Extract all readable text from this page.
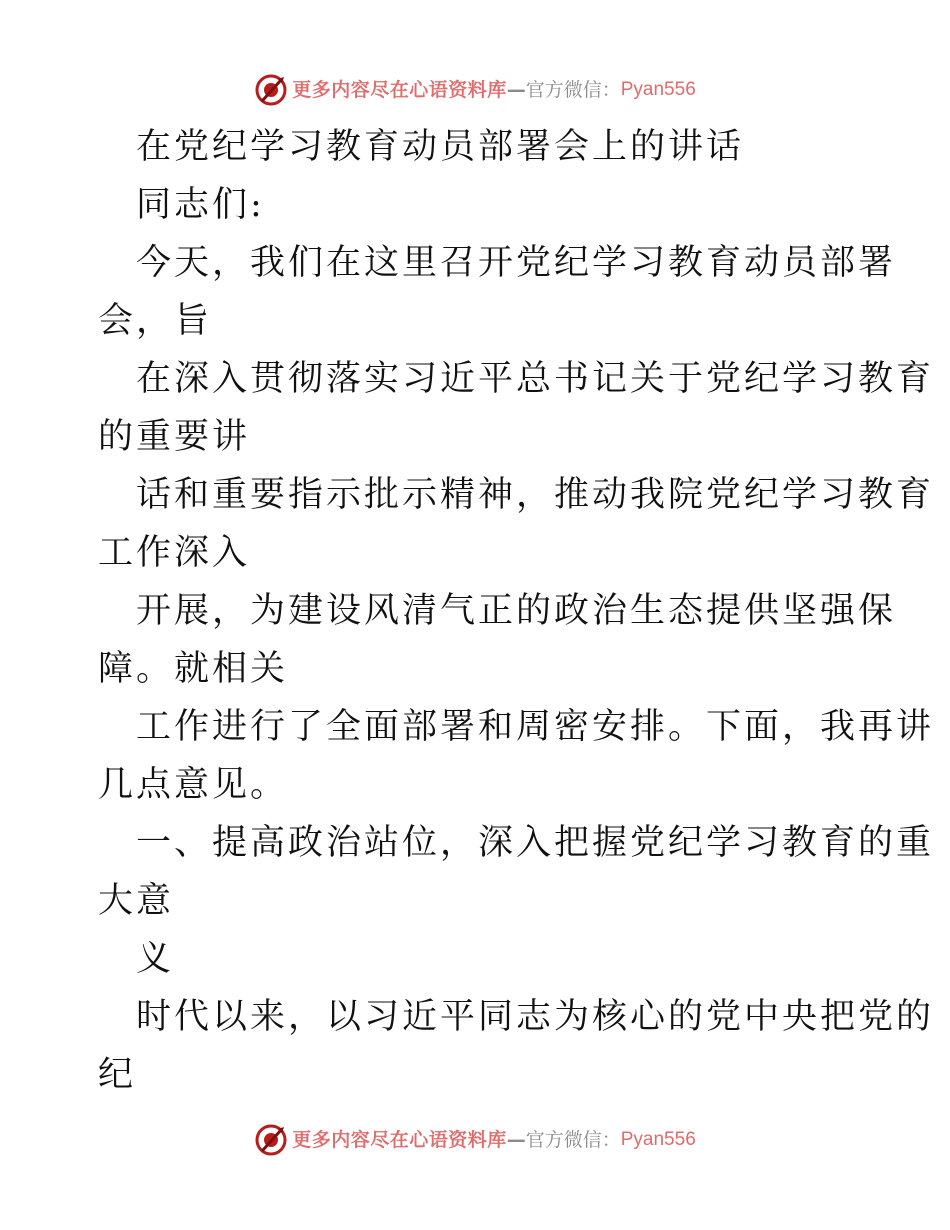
更多内容尽在心语资料库 — 官方微信： Pyan556
在党纪学习教育动员部署会上的讲话
同志们:
今天，我们在这里召开党纪学习教育动员部署
会，旨
在深入贯彻落实习近平总书记关于党纪学习教育
的重要讲
话和重要指示批示精神，推动我院党纪学习教育
工作深入
开展，为建设风清气正的政治生态提供坚强保
障。就相关
工作进行了全面部署和周密安排。下面，我再讲
几点意见。
一、提高政治站位，深入把握党纪学习教育的重
大意
义
时代以来，以习近平同志为核心的党中央把党的
纪
更多内容尽在心语资料库 — 官方微信： Pyan556
